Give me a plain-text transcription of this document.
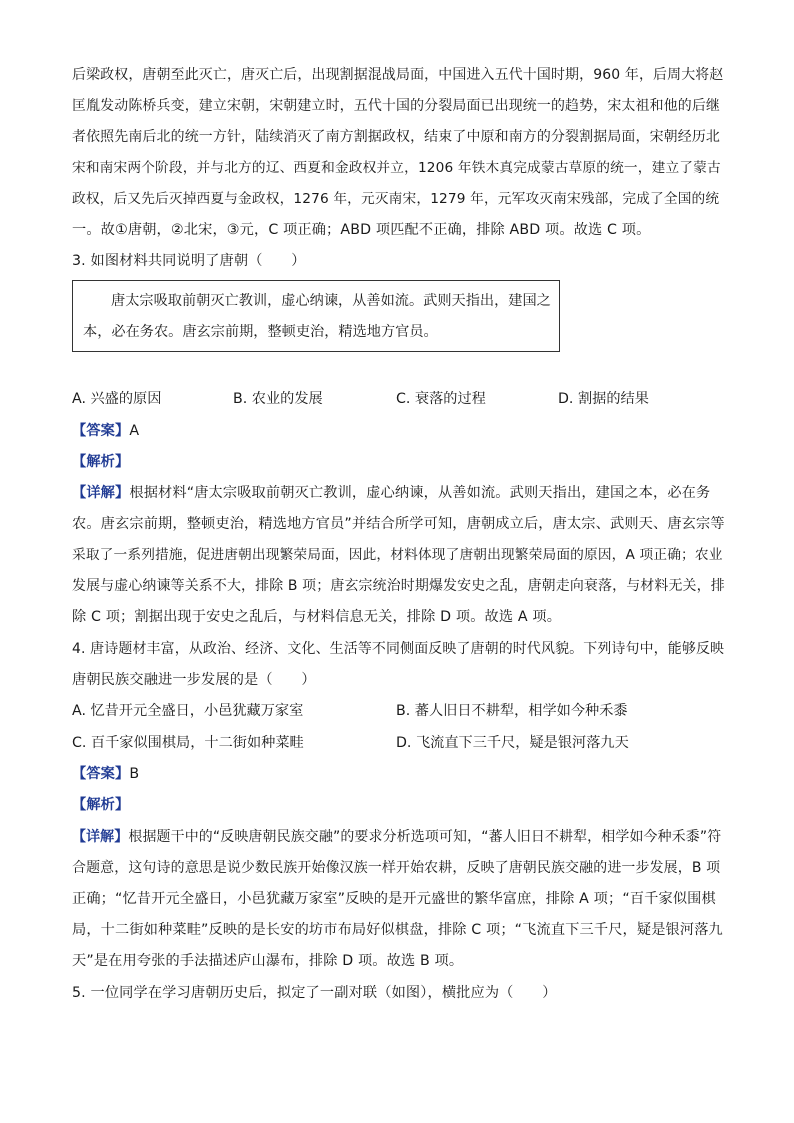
后梁政权，唐朝至此灭亡，唐灭亡后，出现割据混战局面，中国进入五代十国时期，960 年，后周大将赵
匡胤发动陈桥兵变，建立宋朝，宋朝建立时，五代十国的分裂局面已出现统一的趋势，宋太祖和他的后继
者依照先南后北的统一方针，陆续消灭了南方割据政权，结束了中原和南方的分裂割据局面，宋朝经历北
宋和南宋两个阶段，并与北方的辽、西夏和金政权并立，1206 年铁木真完成蒙古草原的统一，建立了蒙古
政权，后又先后灭掉西夏与金政权，1276 年，元灭南宋，1279 年，元军攻灭南宋残部，完成了全国的统
一。故①唐朝，②北宋，③元，C 项正确；ABD 项匹配不正确，排除 ABD 项。故选 C 项。
3. 如图材料共同说明了唐朝（　　）
唐太宗吸取前朝灭亡教训，虚心纳谏，从善如流。武则天指出，建国之
本，必在务农。唐玄宗前期，整顿吏治，精选地方官员。
A. 兴盛的原因	B. 农业的发展	C. 衰落的过程	D. 割据的结果
【答案】A
【解析】
【详解】根据材料“唐太宗吸取前朝灭亡教训，虚心纳谏，从善如流。武则天指出，建国之本，必在务
农。唐玄宗前期，整顿吏治，精选地方官员”并结合所学可知，唐朝成立后，唐太宗、武则天、唐玄宗等
采取了一系列措施，促进唐朝出现繁荣局面，因此，材料体现了唐朝出现繁荣局面的原因，A 项正确；农业
发展与虚心纳谏等关系不大，排除 B 项；唐玄宗统治时期爆发安史之乱，唐朝走向衰落，与材料无关，排
除 C 项；割据出现于安史之乱后，与材料信息无关，排除 D 项。故选 A 项。
4. 唐诗题材丰富，从政治、经济、文化、生活等不同侧面反映了唐朝的时代风貌。下列诗句中，能够反映
唐朝民族交融进一步发展的是（　　）
A. 忆昔开元全盛日，小邑犹藏万家室	B. 蕃人旧日不耕犁，相学如今种禾黍
C. 百千家似围棋局，十二街如种菜畦	D. 飞流直下三千尺，疑是银河落九天
【答案】B
【解析】
【详解】根据题干中的“反映唐朝民族交融”的要求分析选项可知，“蕃人旧日不耕犁，相学如今种禾黍”符
合题意，这句诗的意思是说少数民族开始像汉族一样开始农耕，反映了唐朝民族交融的进一步发展，B 项
正确；“忆昔开元全盛日，小邑犹藏万家室”反映的是开元盛世的繁华富庶，排除 A 项；“百千家似围棋
局，十二街如种菜畦”反映的是长安的坊市布局好似棋盘，排除 C 项；“飞流直下三千尺，疑是银河落九
天”是在用夸张的手法描述庐山瀑布，排除 D 项。故选 B 项。
5. 一位同学在学习唐朝历史后，拟定了一副对联（如图），横批应为（　　）
